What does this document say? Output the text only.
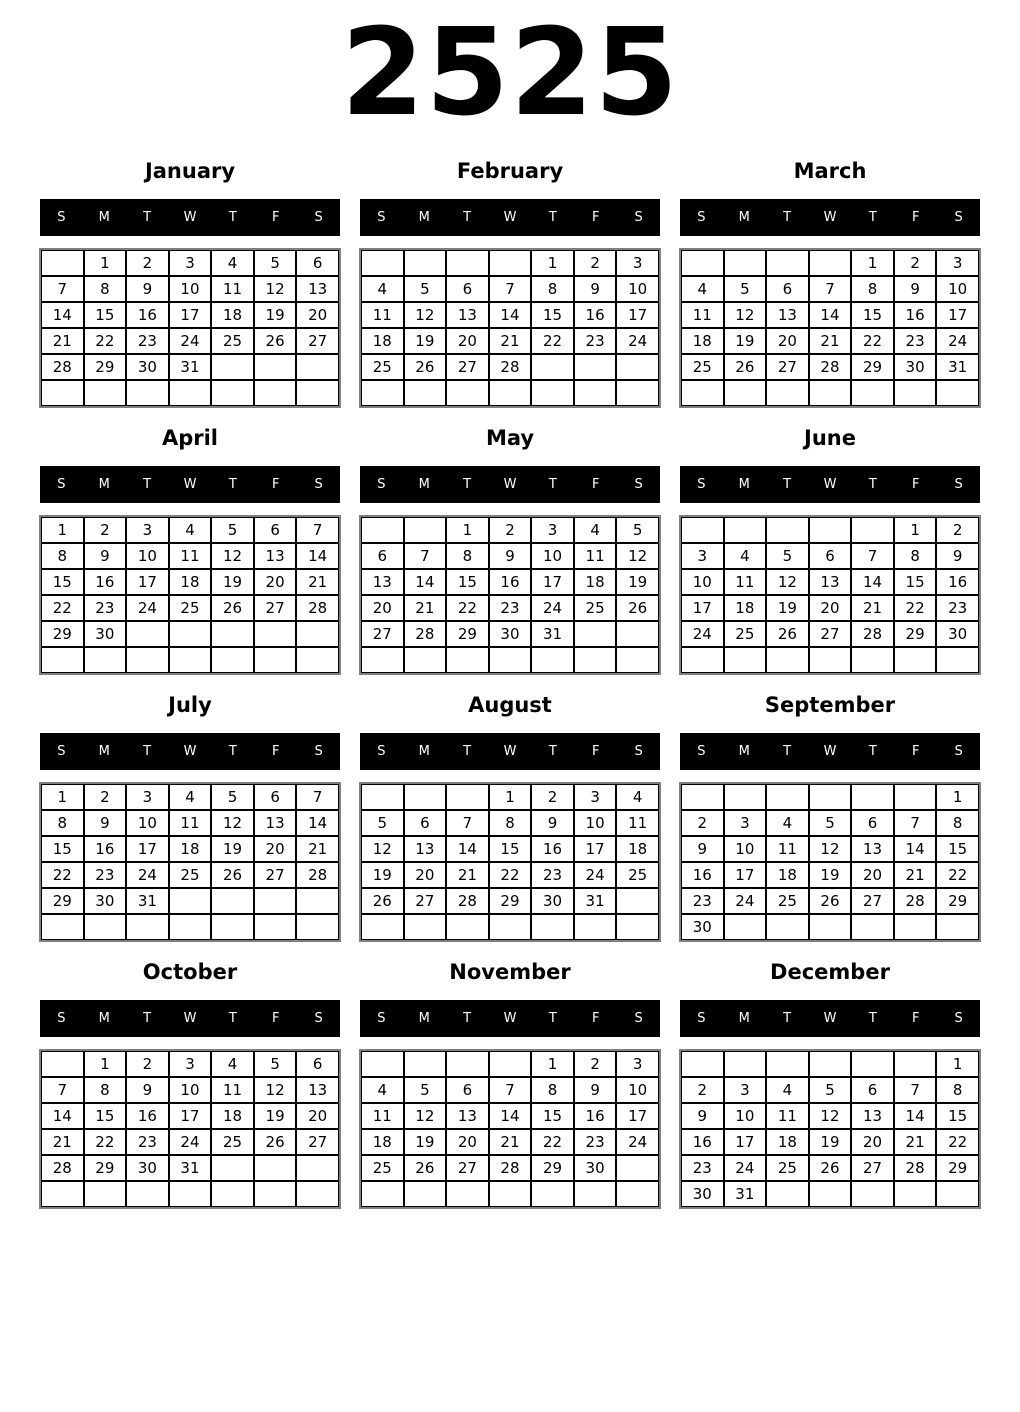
2525
January
S	M	T	W	T	F	S
	1	2	3	4	5	6
7	8	9	10	11	12	13
14	15	16	17	18	19	20
21	22	23	24	25	26	27
28	29	30	31			

February
S	M	T	W	T	F	S
				1	2	3
4	5	6	7	8	9	10
11	12	13	14	15	16	17
18	19	20	21	22	23	24
25	26	27	28			

March
S	M	T	W	T	F	S
				1	2	3
4	5	6	7	8	9	10
11	12	13	14	15	16	17
18	19	20	21	22	23	24
25	26	27	28	29	30	31

April
S	M	T	W	T	F	S
1	2	3	4	5	6	7
8	9	10	11	12	13	14
15	16	17	18	19	20	21
22	23	24	25	26	27	28
29	30					

May
S	M	T	W	T	F	S
		1	2	3	4	5
6	7	8	9	10	11	12
13	14	15	16	17	18	19
20	21	22	23	24	25	26
27	28	29	30	31		

June
S	M	T	W	T	F	S
					1	2
3	4	5	6	7	8	9
10	11	12	13	14	15	16
17	18	19	20	21	22	23
24	25	26	27	28	29	30

July
S	M	T	W	T	F	S
1	2	3	4	5	6	7
8	9	10	11	12	13	14
15	16	17	18	19	20	21
22	23	24	25	26	27	28
29	30	31				

August
S	M	T	W	T	F	S
			1	2	3	4
5	6	7	8	9	10	11
12	13	14	15	16	17	18
19	20	21	22	23	24	25
26	27	28	29	30	31	

September
S	M	T	W	T	F	S
						1
2	3	4	5	6	7	8
9	10	11	12	13	14	15
16	17	18	19	20	21	22
23	24	25	26	27	28	29
30						
October
S	M	T	W	T	F	S
	1	2	3	4	5	6
7	8	9	10	11	12	13
14	15	16	17	18	19	20
21	22	23	24	25	26	27
28	29	30	31			

November
S	M	T	W	T	F	S
				1	2	3
4	5	6	7	8	9	10
11	12	13	14	15	16	17
18	19	20	21	22	23	24
25	26	27	28	29	30	

December
S	M	T	W	T	F	S
						1
2	3	4	5	6	7	8
9	10	11	12	13	14	15
16	17	18	19	20	21	22
23	24	25	26	27	28	29
30	31					
